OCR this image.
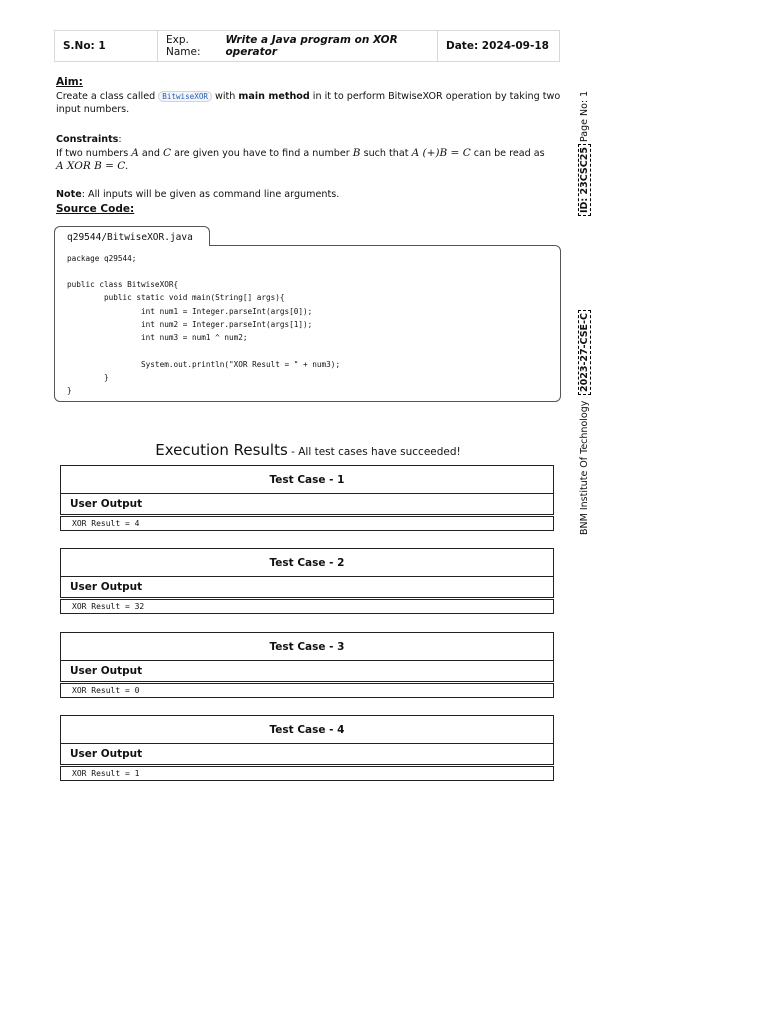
S.No: 1	Exp. Name:
Write a Java program on XOR operator	Date: 2024-09-18
Aim:
Create a class called BitwiseXOR with main method in it to perform BitwiseXOR operation by taking two input numbers.
Constraints:
If two numbers A and C are given you have to find a number B such that A (+)B = C can be read as
A XOR B = C.
Note: All inputs will be given as command line arguments.
Source Code:
q29544/BitwiseXOR.java
package q29544;
public class BitwiseXOR{
public static void main(String[] args){
int num1 = Integer.parseInt(args[0]);
int num2 = Integer.parseInt(args[1]);
int num3 = num1 ^ num2;
System.out.println("XOR Result = " + num3);
}
}
Execution Results - All test cases have succeeded!
Test Case - 1
User Output
XOR Result = 4
Test Case - 2
User Output
XOR Result = 32
Test Case - 3
User Output
XOR Result = 0
Test Case - 4
User Output
XOR Result = 1
Page No: 1
ID: 23CSC25
2023-27-CSE-C
BNM Institute Of Technology
